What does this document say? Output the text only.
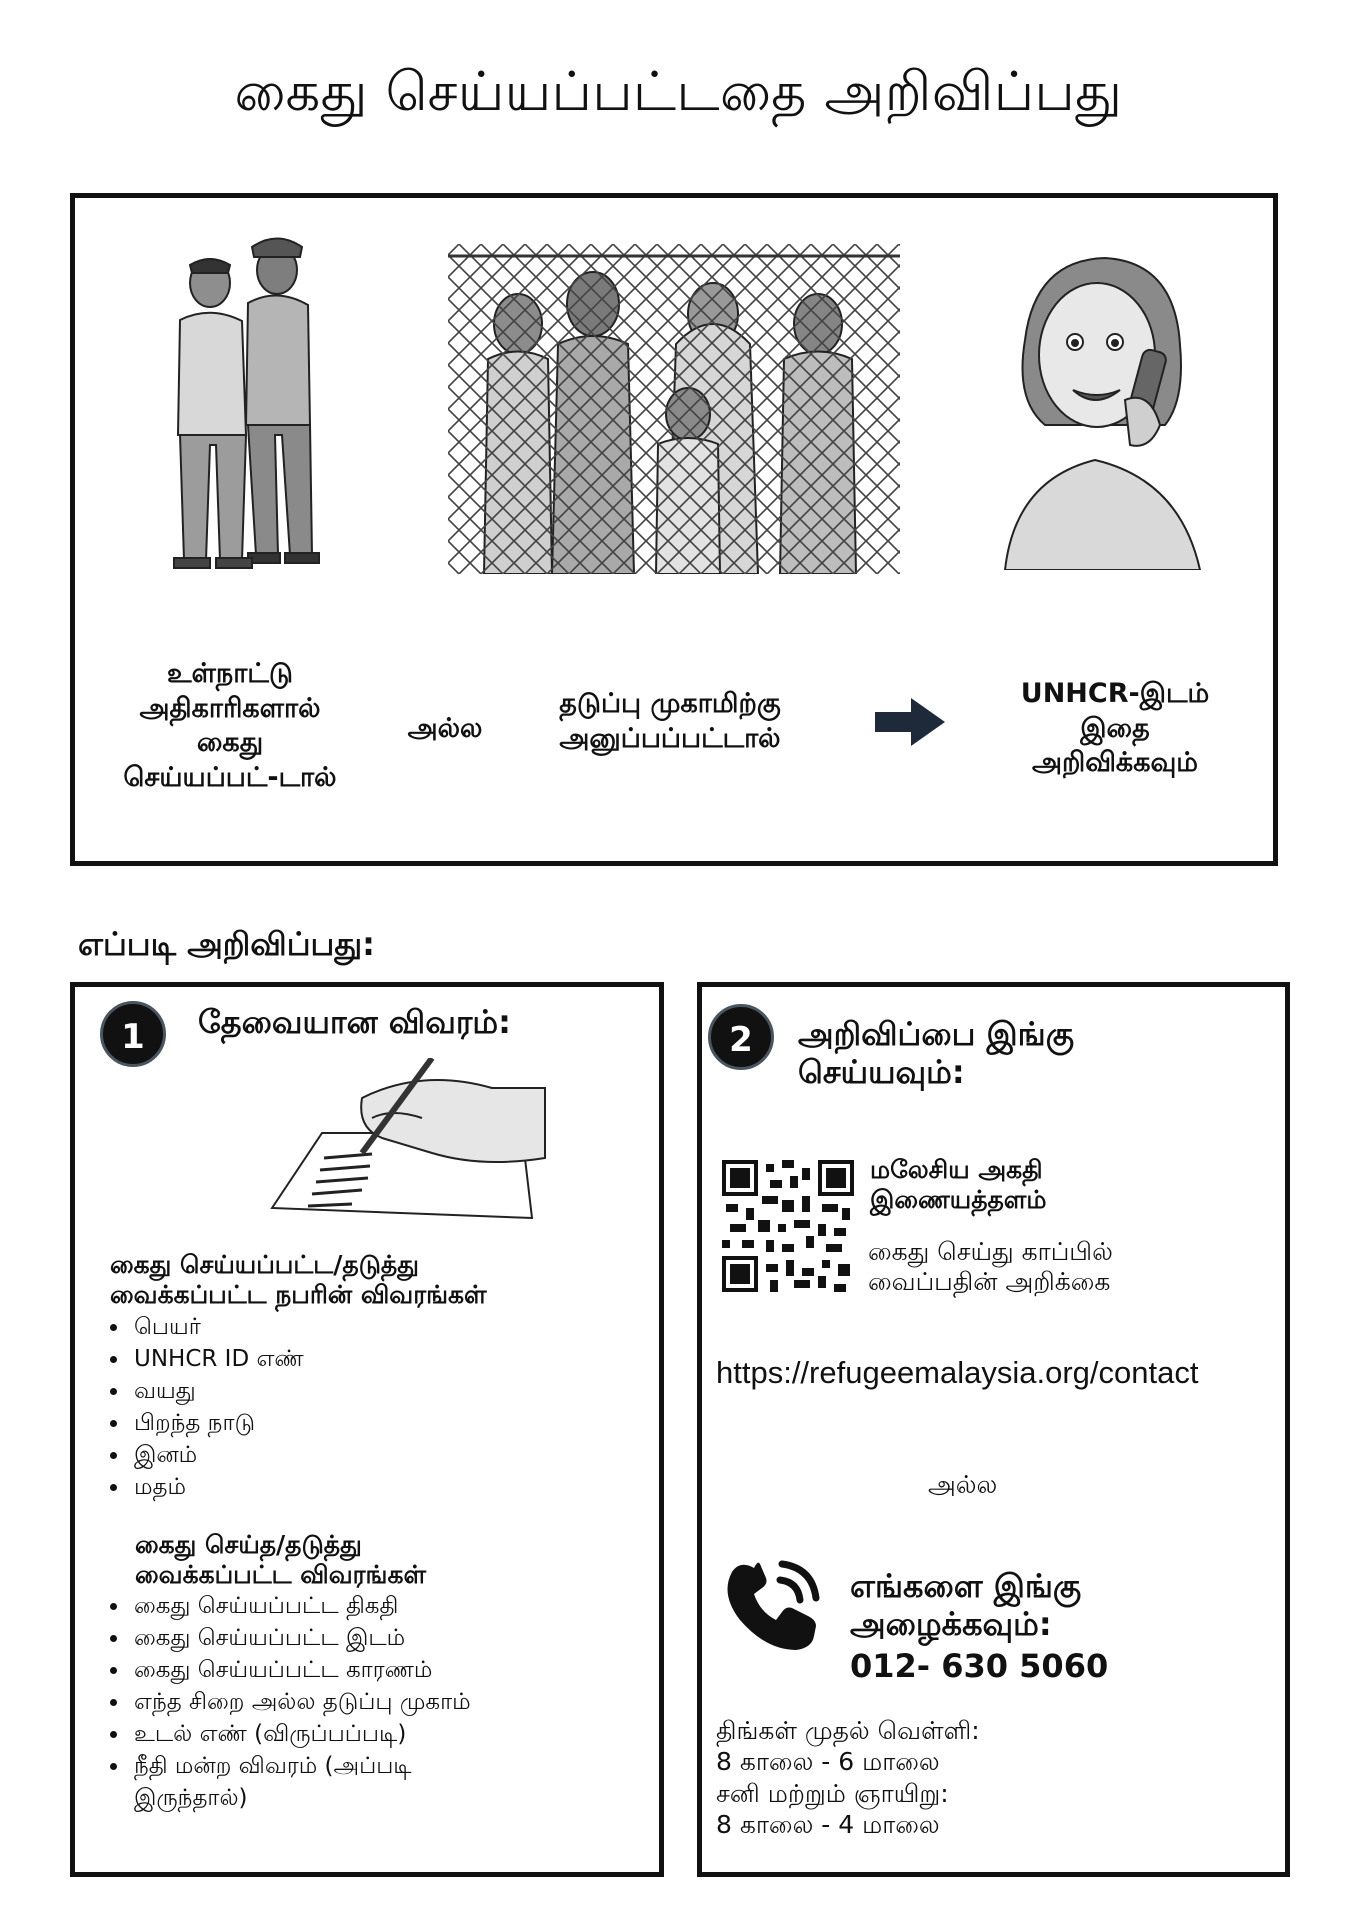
கைது செய்யப்பட்டதை அறிவிப்பது
உள்நாட்டு
அதிகாரிகளால்
கைது
செய்யப்பட்-டால்
அல்ல
தடுப்பு முகாமிற்கு
அனுப்பப்பட்டால்
UNHCR-இடம்
இதை
அறிவிக்கவும்
எப்படி அறிவிப்பது:
1	தேவையான விவரம்:
கைது செய்யப்பட்ட/தடுத்து
வைக்கப்பட்ட நபரின் விவரங்கள்
பெயர்
UNHCR ID எண்
வயது
பிறந்த நாடு
இனம்
மதம்
கைது செய்த/தடுத்து
வைக்கப்பட்ட விவரங்கள்
கைது செய்யப்பட்ட திகதி
கைது செய்யப்பட்ட இடம்
கைது செய்யப்பட்ட காரணம்
எந்த சிறை அல்ல தடுப்பு முகாம்
உடல் எண் (விருப்பப்படி)
நீதி மன்ற விவரம் (அப்படி
இருந்தால்)
2	அறிவிப்பை இங்கு
செய்யவும்:
மலேசிய அகதி
இணையத்தளம்
கைது செய்து காப்பில்
வைப்பதின் அறிக்கை
https://refugeemalaysia.org/contact
அல்ல
எங்களை இங்கு
அழைக்கவும்:
012- 630 5060
திங்கள் முதல் வெள்ளி:
8 காலை - 6 மாலை
சனி மற்றும் ஞாயிறு:
8 காலை - 4 மாலை
